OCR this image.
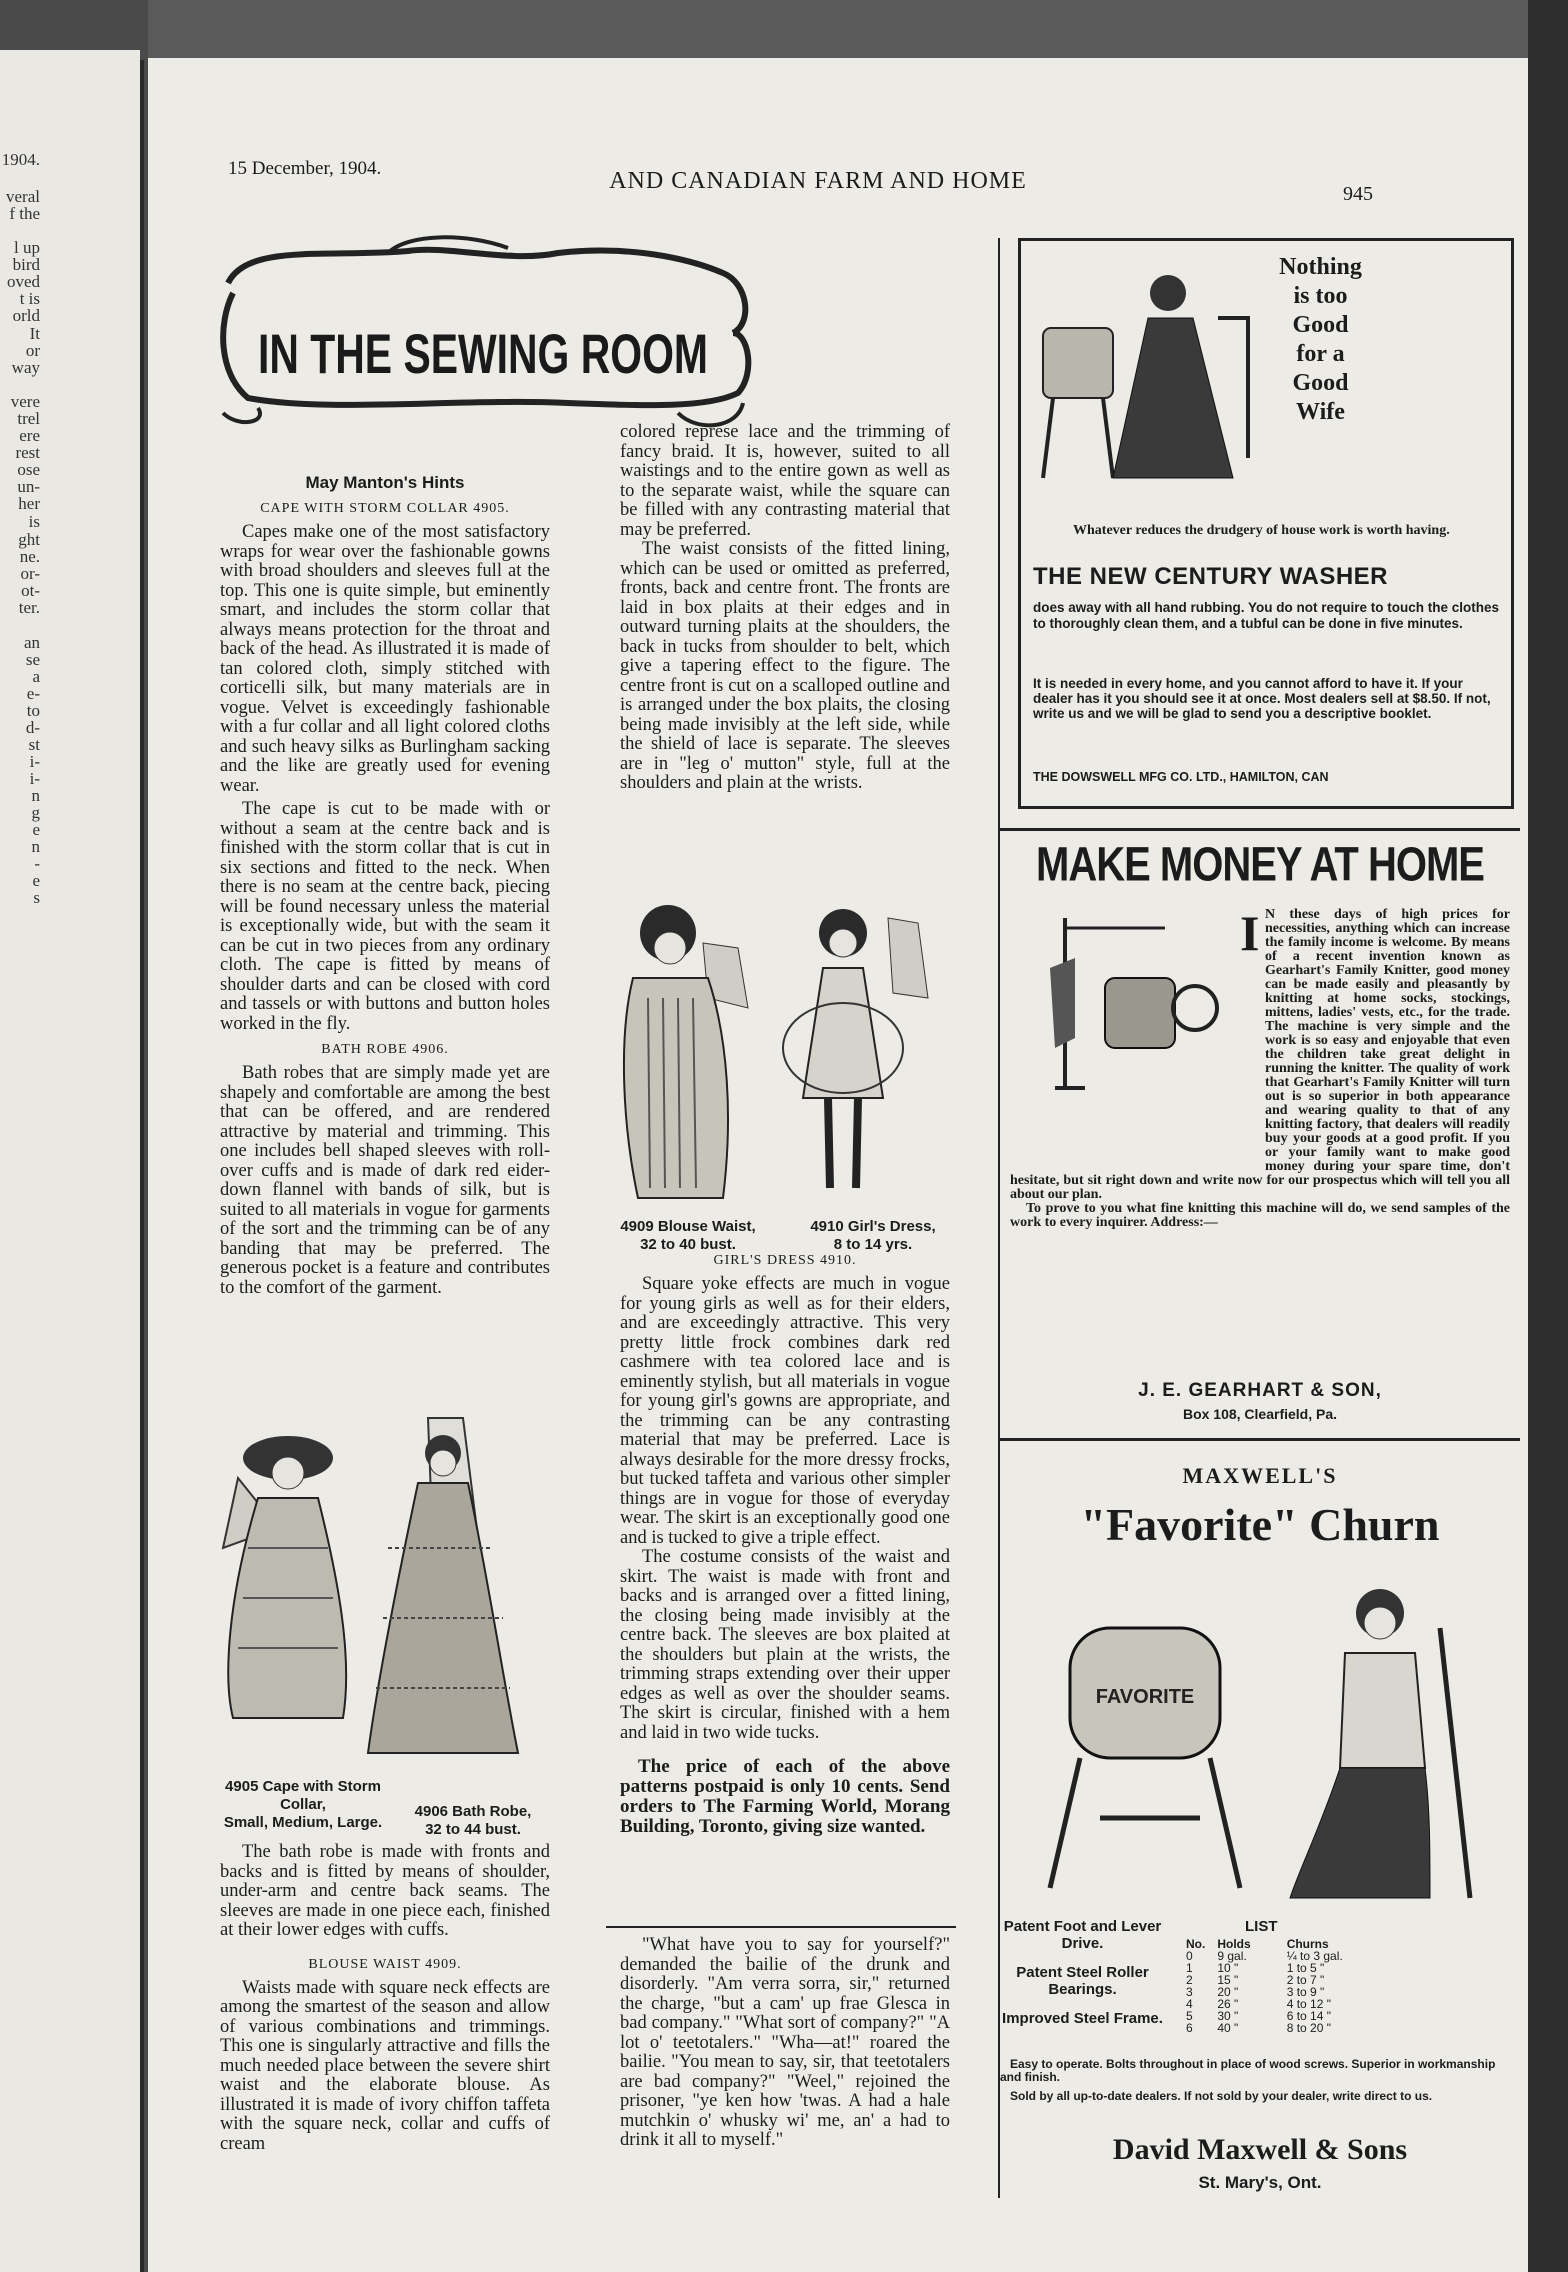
1904.
veral
f the
l up
bird
oved
t is
orld
It
or
way
vere
trel
ere
rest
ose
un-
her
is
ght
ne.
or-
ot-
ter.
an
se
a
e-
to
d-
st
i-
i-
n
g
e
n
-
e
s
15 December, 1904.	AND CANADIAN FARM AND HOME	945
IN THE SEWING ROOM
May Manton's Hints
CAPE WITH STORM COLLAR 4905.

Capes make one of the most satisfactory wraps for wear over the fashionable gowns with broad shoulders and sleeves full at the top. This one is quite simple, but eminently smart, and includes the storm collar that always means protection for the throat and back of the head. As illustrated it is made of tan colored cloth, simply stitched with corticelli silk, but many materials are in vogue. Velvet is exceedingly fashionable with a fur collar and all light colored cloths and such heavy silks as Burlingham sacking and the like are greatly used for evening wear.

The cape is cut to be made with or without a seam at the centre back and is finished with the storm collar that is cut in six sections and fitted to the neck. When there is no seam at the centre back, piecing will be found necessary unless the material is exceptionally wide, but with the seam it can be cut in two pieces from any ordinary cloth. The cape is fitted by means of shoulder darts and can be closed with cord and tassels or with buttons and button holes worked in the fly.

BATH ROBE 4906.

Bath robes that are simply made yet are shapely and comfortable are among the best that can be offered, and are rendered attractive by material and trimming. This one includes bell shaped sleeves with roll-over cuffs and is made of dark red eider-down flannel with bands of silk, but is suited to all materials in vogue for garments of the sort and the trimming can be of any banding that may be preferred. The generous pocket is a feature and contributes to the comfort of the garment.

4905 Cape with Storm
Collar,
Small, Medium, Large.
4906 Bath Robe,
32 to 44 bust.

The bath robe is made with fronts and backs and is fitted by means of shoulder, under-arm and centre back seams. The sleeves are made in one piece each, finished at their lower edges with cuffs.

BLOUSE WAIST 4909.

Waists made with square neck effects are among the smartest of the season and allow of various combinations and trimmings. This one is singularly attractive and fills the much needed place between the severe shirt waist and the elaborate blouse. As illustrated it is made of ivory chiffon taffeta with the square neck, collar and cuffs of cream

colored represe lace and the trimming of fancy braid. It is, however, suited to all waistings and to the entire gown as well as to the separate waist, while the square can be filled with any contrasting material that may be preferred.

The waist consists of the fitted lining, which can be used or omitted as preferred, fronts, back and centre front. The fronts are laid in box plaits at their edges and in outward turning plaits at the shoulders, the back in tucks from shoulder to belt, which give a tapering effect to the figure. The centre front is cut on a scalloped outline and is arranged under the box plaits, the closing being made invisibly at the left side, while the shield of lace is separate. The sleeves are in "leg o' mutton" style, full at the shoulders and plain at the wrists.

4909 Blouse Waist,
32 to 40 bust.
4910 Girl's Dress,
8 to 14 yrs.
GIRL'S DRESS 4910.

Square yoke effects are much in vogue for young girls as well as for their elders, and are exceedingly attractive. This very pretty little frock combines dark red cashmere with tea colored lace and is eminently stylish, but all materials in vogue for young girl's gowns are appropriate, and the trimming can be any contrasting material that may be preferred. Lace is always desirable for the more dressy frocks, but tucked taffeta and various other simpler things are in vogue for those of everyday wear. The skirt is an exceptionally good one and is tucked to give a triple effect.

The costume consists of the waist and skirt. The waist is made with front and backs and is arranged over a fitted lining, the closing being made invisibly at the centre back. The sleeves are box plaited at the shoulders but plain at the wrists, the trimming straps extending over their upper edges as well as over the shoulder seams. The skirt is circular, finished with a hem and laid in two wide tucks.

The price of each of the above patterns postpaid is only 10 cents. Send orders to The Farming World, Morang Building, Toronto, giving size wanted.

"What have you to say for yourself?" demanded the bailie of the drunk and disorderly. "Am verra sorra, sir," returned the charge, "but a cam' up frae Glesca in bad company." "What sort of company?" "A lot o' teetotalers." "Wha—at!" roared the bailie. "You mean to say, sir, that teetotalers are bad company?" "Weel," rejoined the prisoner, "ye ken how 'twas. A had a hale mutchkin o' whusky wi' me, an' a had to drink it all to myself."

Nothing
is too
Good
for a
Good
Wife
Whatever reduces the drudgery of house work is worth having.
THE NEW CENTURY WASHER
does away with all hand rubbing. You do not require to touch the clothes to thoroughly clean them, and a tubful can be done in five minutes.
It is needed in every home, and you cannot afford to have it. If your dealer has it you should see it at once. Most dealers sell at $8.50. If not, write us and we will be glad to send you a descriptive booklet.
THE DOWSWELL MFG CO. LTD., HAMILTON, CAN
MAKE MONEY AT HOME
I N these days of high prices for necessities, anything which can increase the family income is welcome. By means of a recent invention known as Gearhart's Family Knitter, good money can be made easily and pleasantly by knitting at home socks, stockings, mittens, ladies' vests, etc., for the trade. The machine is very simple and the work is so easy and enjoyable that even the children take great delight in running the knitter. The quality of work that Gearhart's Family Knitter will turn out is so superior in both appearance and wearing quality to that of any knitting factory, that dealers will readily buy your goods at a good profit. If you or your family want to make good money during your spare time, don't hesitate, but sit right down and write now for our prospectus which will tell you all about our plan.
To prove to you what fine knitting this machine will do, we send samples of the work to every inquirer. Address:—
J. E. GEARHART & SON,
Box 108, Clearfield, Pa.
MAXWELL'S
"Favorite" Churn
FAVORITE
Patent Foot and Lever Drive.
Patent Steel Roller Bearings.
Improved Steel Frame.
LIST
No.	Holds	Churns
0	9 gal.	¼ to 3 gal.
1	10 "	1 to 5 "
2	15 "	2 to 7 "
3	20 "	3 to 9 "
4	26 "	4 to 12 "
5	30 "	6 to 14 "
6	40 "	8 to 20 "
Easy to operate. Bolts throughout in place of wood screws. Superior in workmanship and finish.
Sold by all up-to-date dealers. If not sold by your dealer, write direct to us.
David Maxwell & Sons
St. Mary's, Ont.
